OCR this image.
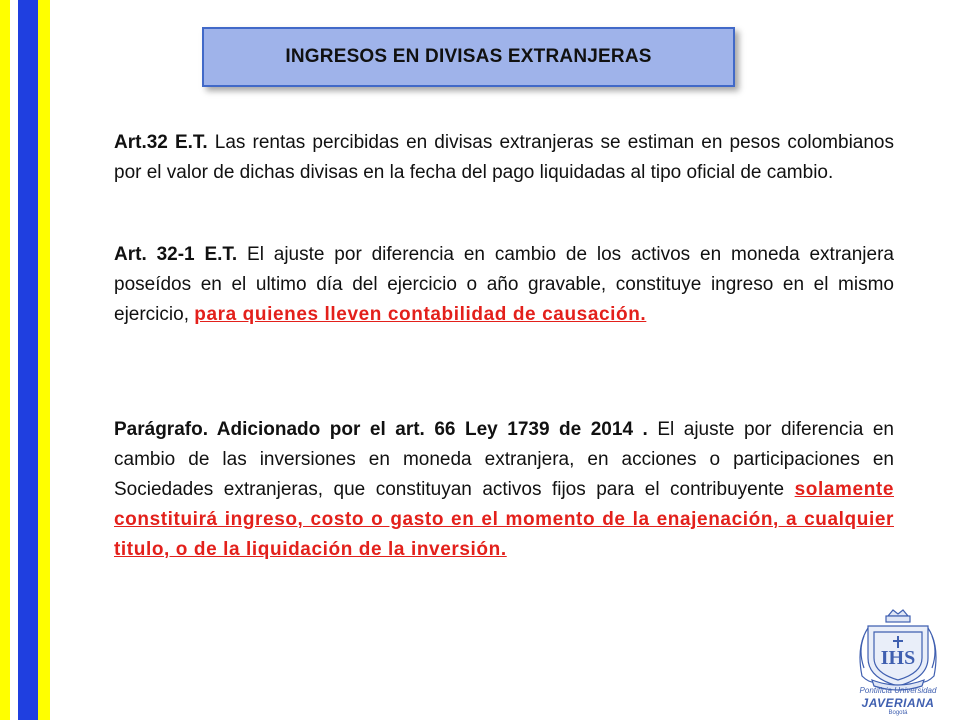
INGRESOS EN DIVISAS EXTRANJERAS
Art.32 E.T. Las rentas percibidas en divisas extranjeras se estiman en pesos colombianos por el valor de dichas divisas en la fecha del pago liquidadas al tipo oficial de cambio.
Art. 32-1 E.T. El ajuste por diferencia en cambio de los activos en moneda extranjera poseídos en el ultimo día del ejercicio o año gravable, constituye ingreso en el mismo ejercicio, para quienes lleven contabilidad de causación.
Parágrafo. Adicionado por el art. 66 Ley 1739 de 2014 . El ajuste por diferencia en cambio de las inversiones en moneda extranjera, en acciones o participaciones en Sociedades extranjeras, que constituyan activos fijos para el contribuyente solamente constituirá ingreso, costo o gasto en el momento de la enajenación, a cualquier titulo, o de la liquidación de la inversión.
IHS
Pontificia Universidad
JAVERIANA
Bogotá
